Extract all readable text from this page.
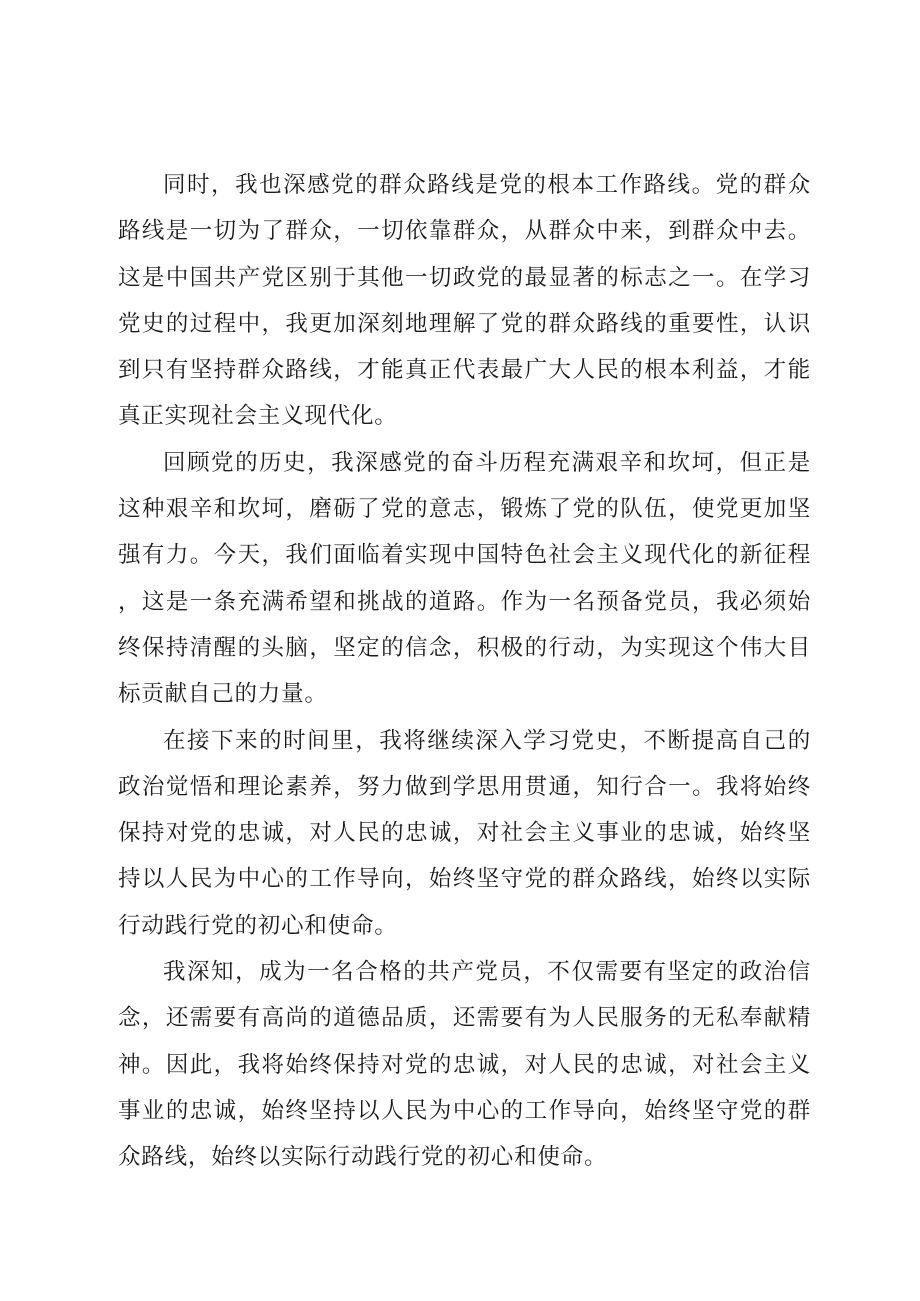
同时，我也深感党的群众路线是党的根本工作路线。党的群众路线是一切为了群众，一切依靠群众，从群众中来，到群众中去。这是中国共产党区别于其他一切政党的最显著的标志之一。在学习党史的过程中，我更加深刻地理解了党的群众路线的重要性，认识到只有坚持群众路线，才能真正代表最广大人民的根本利益，才能真正实现社会主义现代化。

回顾党的历史，我深感党的奋斗历程充满艰辛和坎坷，但正是这种艰辛和坎坷，磨砺了党的意志，锻炼了党的队伍，使党更加坚强有力。今天，我们面临着实现中国特色社会主义现代化的新征程，这是一条充满希望和挑战的道路。作为一名预备党员，我必须始终保持清醒的头脑，坚定的信念，积极的行动，为实现这个伟大目标贡献自己的力量。

在接下来的时间里，我将继续深入学习党史，不断提高自己的政治觉悟和理论素养，努力做到学思用贯通，知行合一。我将始终保持对党的忠诚，对人民的忠诚，对社会主义事业的忠诚，始终坚持以人民为中心的工作导向，始终坚守党的群众路线，始终以实际行动践行党的初心和使命。

我深知，成为一名合格的共产党员，不仅需要有坚定的政治信念，还需要有高尚的道德品质，还需要有为人民服务的无私奉献精神。因此，我将始终保持对党的忠诚，对人民的忠诚，对社会主义事业的忠诚，始终坚持以人民为中心的工作导向，始终坚守党的群众路线，始终以实际行动践行党的初心和使命。
